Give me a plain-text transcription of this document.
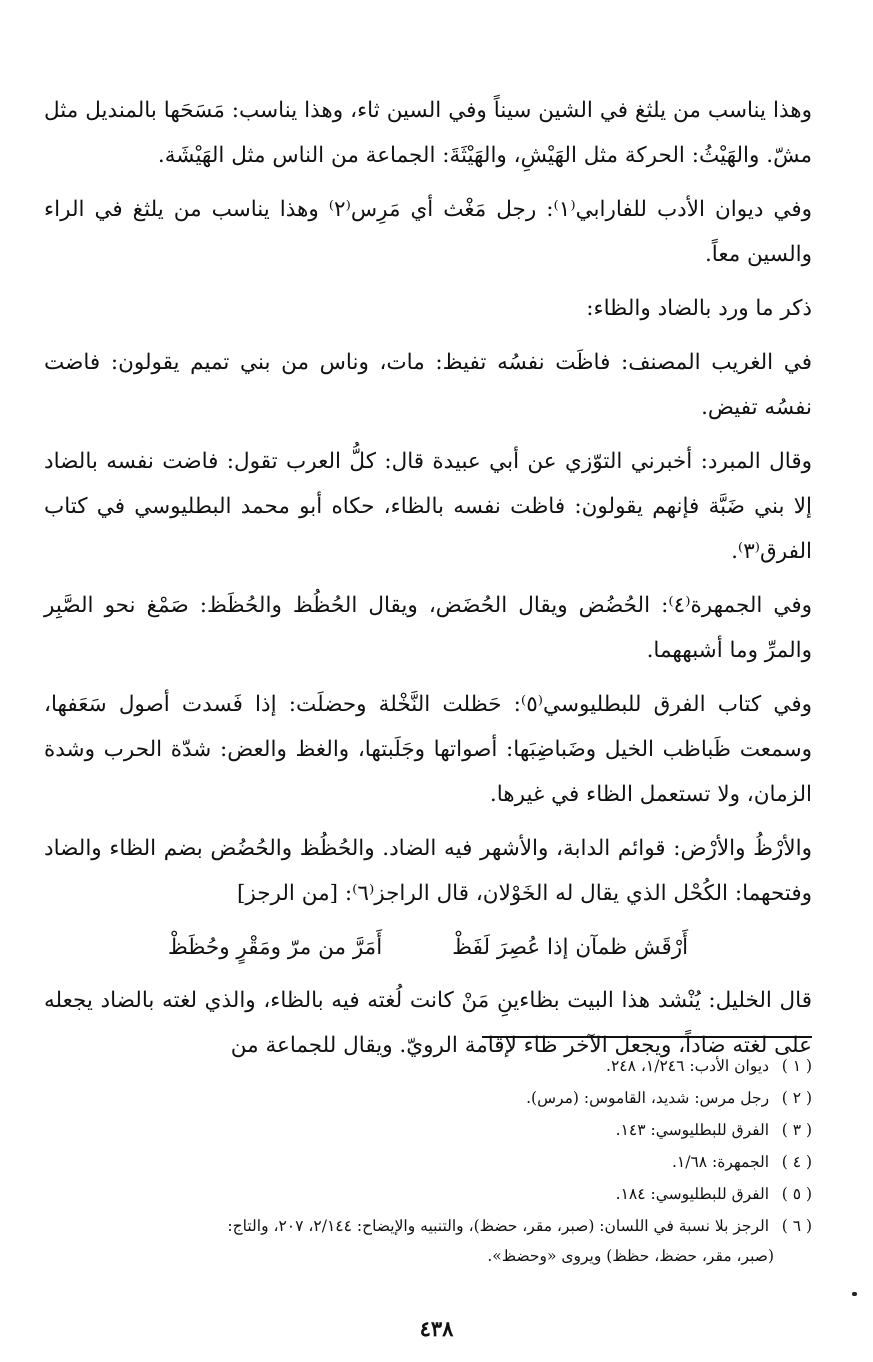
وهذا يناسب من يلثغ في الشين سيناً وفي السين ثاء، وهذا يناسب: مَسَحَها بالمنديل مثل مشّ. والهَيْثُ: الحركة مثل الهَيْشِ، والهَيْثَةَ: الجماعة من الناس مثل الهَيْشَة.

وفي ديوان الأدب للفارابي⁽١⁾: رجل مَغْث أي مَرِس⁽٢⁾ وهذا يناسب من يلثغ في الراء والسين معاً.

ذكر ما ورد بالضاد والظاء:

في الغريب المصنف: فاظَت نفسُه تفيظ: مات، وناس من بني تميم يقولون: فاضت نفسُه تفيض.

وقال المبرد: أخبرني التوّزي عن أبي عبيدة قال: كلُّ العرب تقول: فاضت نفسه بالضاد إلا بني ضَبَّة فإنهم يقولون: فاظت نفسه بالظاء، حكاه أبو محمد البطليوسي في كتاب الفرق⁽٣⁾.

وفي الجمهرة⁽٤⁾: الحُضُض ويقال الحُضَض، ويقال الحُظُظ والحُظَظ: صَمْغ نحو الصَّبِر والمرِّ وما أشبههما.

وفي كتاب الفرق للبطليوسي⁽٥⁾: حَظلت النَّخْلة وحضلَت: إذا فَسدت أصول سَعَفها، وسمعت ظَباظب الخيل وضَباضِبَها: أصواتها وجَلَبتها، والغظ والعض: شدّة الحرب وشدة الزمان، ولا تستعمل الظاء في غيرها.

والأرْظُ والأرْض: قوائم الدابة، والأشهر فيه الضاد. والحُظُظ والحُضُض بضم الظاء والضاد وفتحهما: الكُحْل الذي يقال له الخَوْلان، قال الراجز⁽٦⁾: [من الرجز]

أَرْقَش ظمآن إذا عُصِرَ لَفَظْ
أَمَرَّ من مرّ ومَقْرٍ وحُظَظْ

قال الخليل: يُنْشد هذا البيت بظاءينِ مَنْ كانت لُغته فيه بالظاء، والذي لغته بالضاد يجعله على لغته ضاداً، ويجعل الآخر ظاء لإقامة الرويّ. ويقال للجماعة من

( ١ ) ديوان الأدب: ١/٢٤٦، ٢٤٨.

( ٢ ) رجل مرس: شديد، القاموس: (مرس).

( ٣ ) الفرق للبطليوسي: ١٤٣.

( ٤ ) الجمهرة: ١/٦٨.

( ٥ ) الفرق للبطليوسي: ١٨٤.

( ٦ ) الرجز بلا نسبة في اللسان: (صبر، مقر، حضظ)، والتنبيه والإيضاح: ٢/١٤٤، ٢٠٧، والتاج:

(صبر، مقر، حضظ، حظظ) ويروى «وحضظ».

٤٣٨
